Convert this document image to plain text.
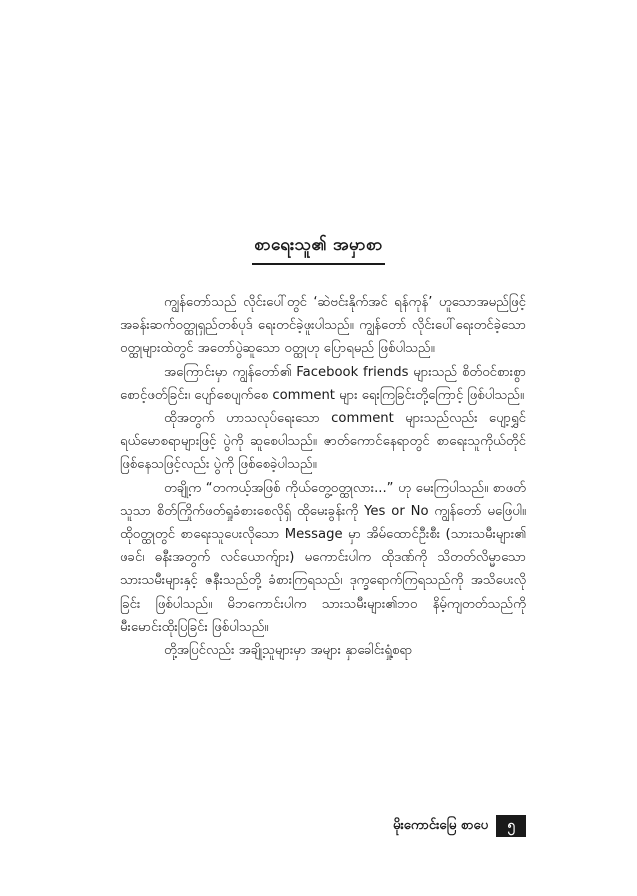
စာရေးသူ၏ အမှာစာ

ကျွန်တော်သည် လိုင်းပေါ်တွင် ‘ဆဲဗင်းနိုက်အင် ရန်ကုန်’ ဟူသောအမည်ဖြင့် အခန်းဆက်ဝတ္ထုရှည်တစ်ပုဒ် ရေးတင်ခဲ့ဖူးပါသည်။ ကျွန်တော် လိုင်းပေါ်ရေးတင်ခဲ့သော ဝတ္ထုများထဲတွင် အတော်ပွဲဆူသော ဝတ္ထုဟု ပြောရမည် ဖြစ်ပါသည်။

အကြောင်းမှာ ကျွန်တော်၏ Facebook friends များသည် စိတ်ဝင်စားစွာ စောင့်ဖတ်ခြင်း၊ ပျော်စေပျက်စေ comment များ ရေးကြခြင်းတို့ကြောင့် ဖြစ်ပါသည်။

ထိုအတွက် ဟာသလုပ်ရေးသော comment များသည်လည်း ပျော့ရွှင်ရယ်မောစရာများဖြင့် ပွဲကို ဆူစေပါသည်။ ဇာတ်ကောင်နေရာတွင် စာရေးသူကိုယ်တိုင်ဖြစ်နေသဖြင့်လည်း ပွဲကို ဖြစ်စေခဲ့ပါသည်။

တချို့က “တကယ့်အဖြစ် ကိုယ်တွေ့ဝတ္ထုလား...” ဟု မေးကြပါသည်။ စာဖတ်သူသာ စိတ်ကြိုက်ဖတ်ရှုခံစားစေလိုရှ် ထိုမေးခွန်းကို Yes or No ကျွန်တော် မဖြေပါ။ ထိုဝတ္ထုတွင် စာရေးသူပေးလိုသော Message မှာ အိမ်ထောင်ဦးစီး (သားသမီးများ၏ ဖခင်၊ ဓနီးအတွက် လင်ယောက်ျား) မကောင်းပါက ထိုဒဏ်ကို သိတတ်လိမ္မာသော သားသမီးများနှင့် ဇနီးသည်တို့ ခံစားကြရသည်၊ ဒုက္ခရောက်ကြရသည်ကို အသိပေးလိုခြင်း ဖြစ်ပါသည်။ မိဘကောင်းပါက သားသမီးများ၏ဘဝ နိမ့်ကျတတ်သည်ကို မီးမောင်းထိုးပြခြင်း ဖြစ်ပါသည်။

တို့အပြင်လည်း အချို့သူများမှာ အများ နှာခေါင်းရှုံ့စရာ

မိုးကောင်းမြေ စာပေ	၅
